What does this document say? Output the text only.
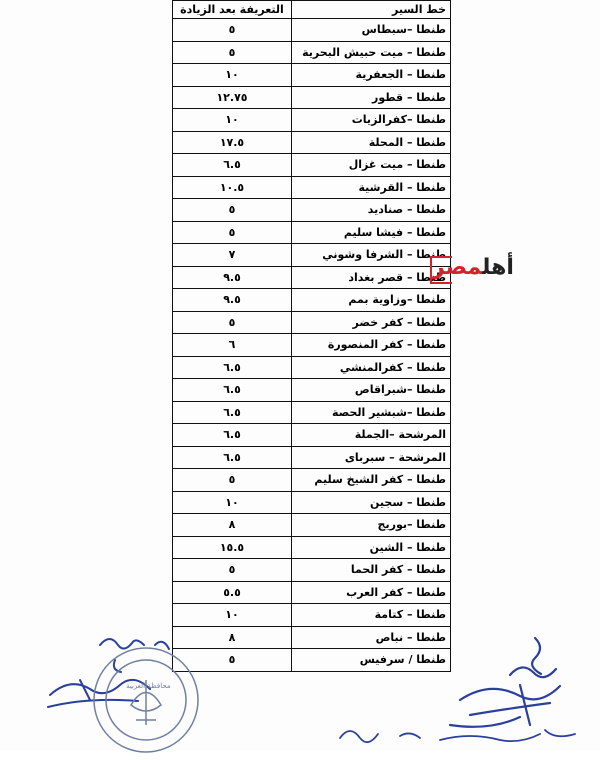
خط السير	التعريفة بعد الزيادة
طنطا –سبطاس	٥
طنطا – ميت حبيش البحرية	٥
طنطا – الجعفرية	١٠
طنطا – قطور	١٢.٧٥
طنطا –كفرالزيات	١٠
طنطا – المحلة	١٧.٥
طنطا – ميت غزال	٦.٥
طنطا – القرشية	١٠.٥
طنطا – صناديد	٥
طنطا – فيشا سليم	٥
طنطا – الشرفا وشوني	٧
طنطا – قصر بغداد	٩.٥
طنطا –وزاوية بمم	٩.٥
طنطا – كفر خضر	٥
طنطا – كفر المنصورة	٦
طنطا – كفرالمنشي	٦.٥
طنطا –شبراقاص	٦.٥
طنطا –شبشير الحصة	٦.٥
المرشحة –الجملة	٦.٥
المرشحة – سبرباى	٦.٥
طنطا – كفر الشيخ سليم	٥
طنطا – سجين	١٠
طنطا –بوريج	٨
طنطا – الشين	١٥.٥
طنطا – كفر الحما	٥
طنطا – كفر العرب	٥.٥
طنطا – كتامة	١٠
طنطا – نباص	٨
طنطا / سرفيس	٥
أهلمصر
محافظة الغربية
